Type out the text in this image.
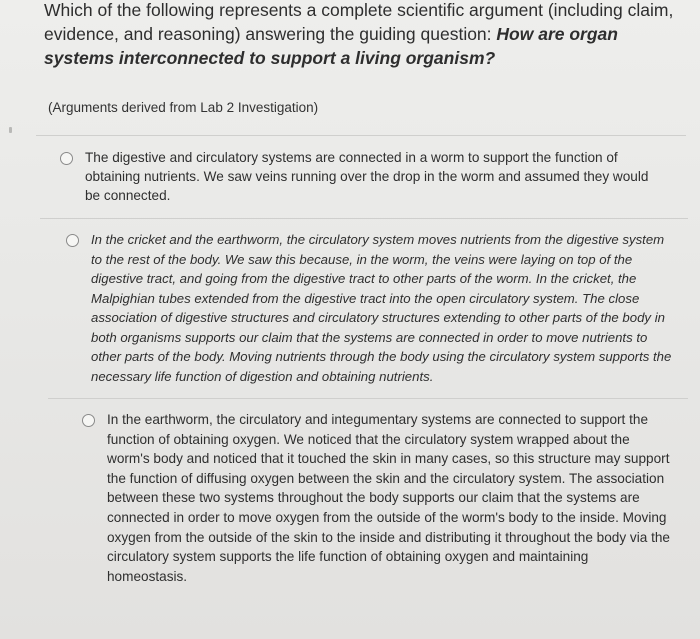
Which of the following represents a complete scientific argument (including claim, evidence, and reasoning) answering the guiding question: How are organ systems interconnected to support a living organism?

(Arguments derived from Lab 2 Investigation)

The digestive and circulatory systems are connected in a worm to support the function of obtaining nutrients. We saw veins running over the drop in the worm and assumed they would be connected.

In the cricket and the earthworm, the circulatory system moves nutrients from the digestive system to the rest of the body. We saw this because, in the worm, the veins were laying on top of the digestive tract, and going from the digestive tract to other parts of the worm. In the cricket, the Malpighian tubes extended from the digestive tract into the open circulatory system. The close association of digestive structures and circulatory structures extending to other parts of the body in both organisms supports our claim that the systems are connected in order to move nutrients to other parts of the body. Moving nutrients through the body using the circulatory system supports the necessary life function of digestion and obtaining nutrients.

In the earthworm, the circulatory and integumentary systems are connected to support the function of obtaining oxygen. We noticed that the circulatory system wrapped about the worm's body and noticed that it touched the skin in many cases, so this structure may support the function of diffusing oxygen between the skin and the circulatory system. The association between these two systems throughout the body supports our claim that the systems are connected in order to move oxygen from the outside of the worm's body to the inside. Moving oxygen from the outside of the skin to the inside and distributing it throughout the body via the circulatory system supports the life function of obtaining oxygen and maintaining homeostasis.
